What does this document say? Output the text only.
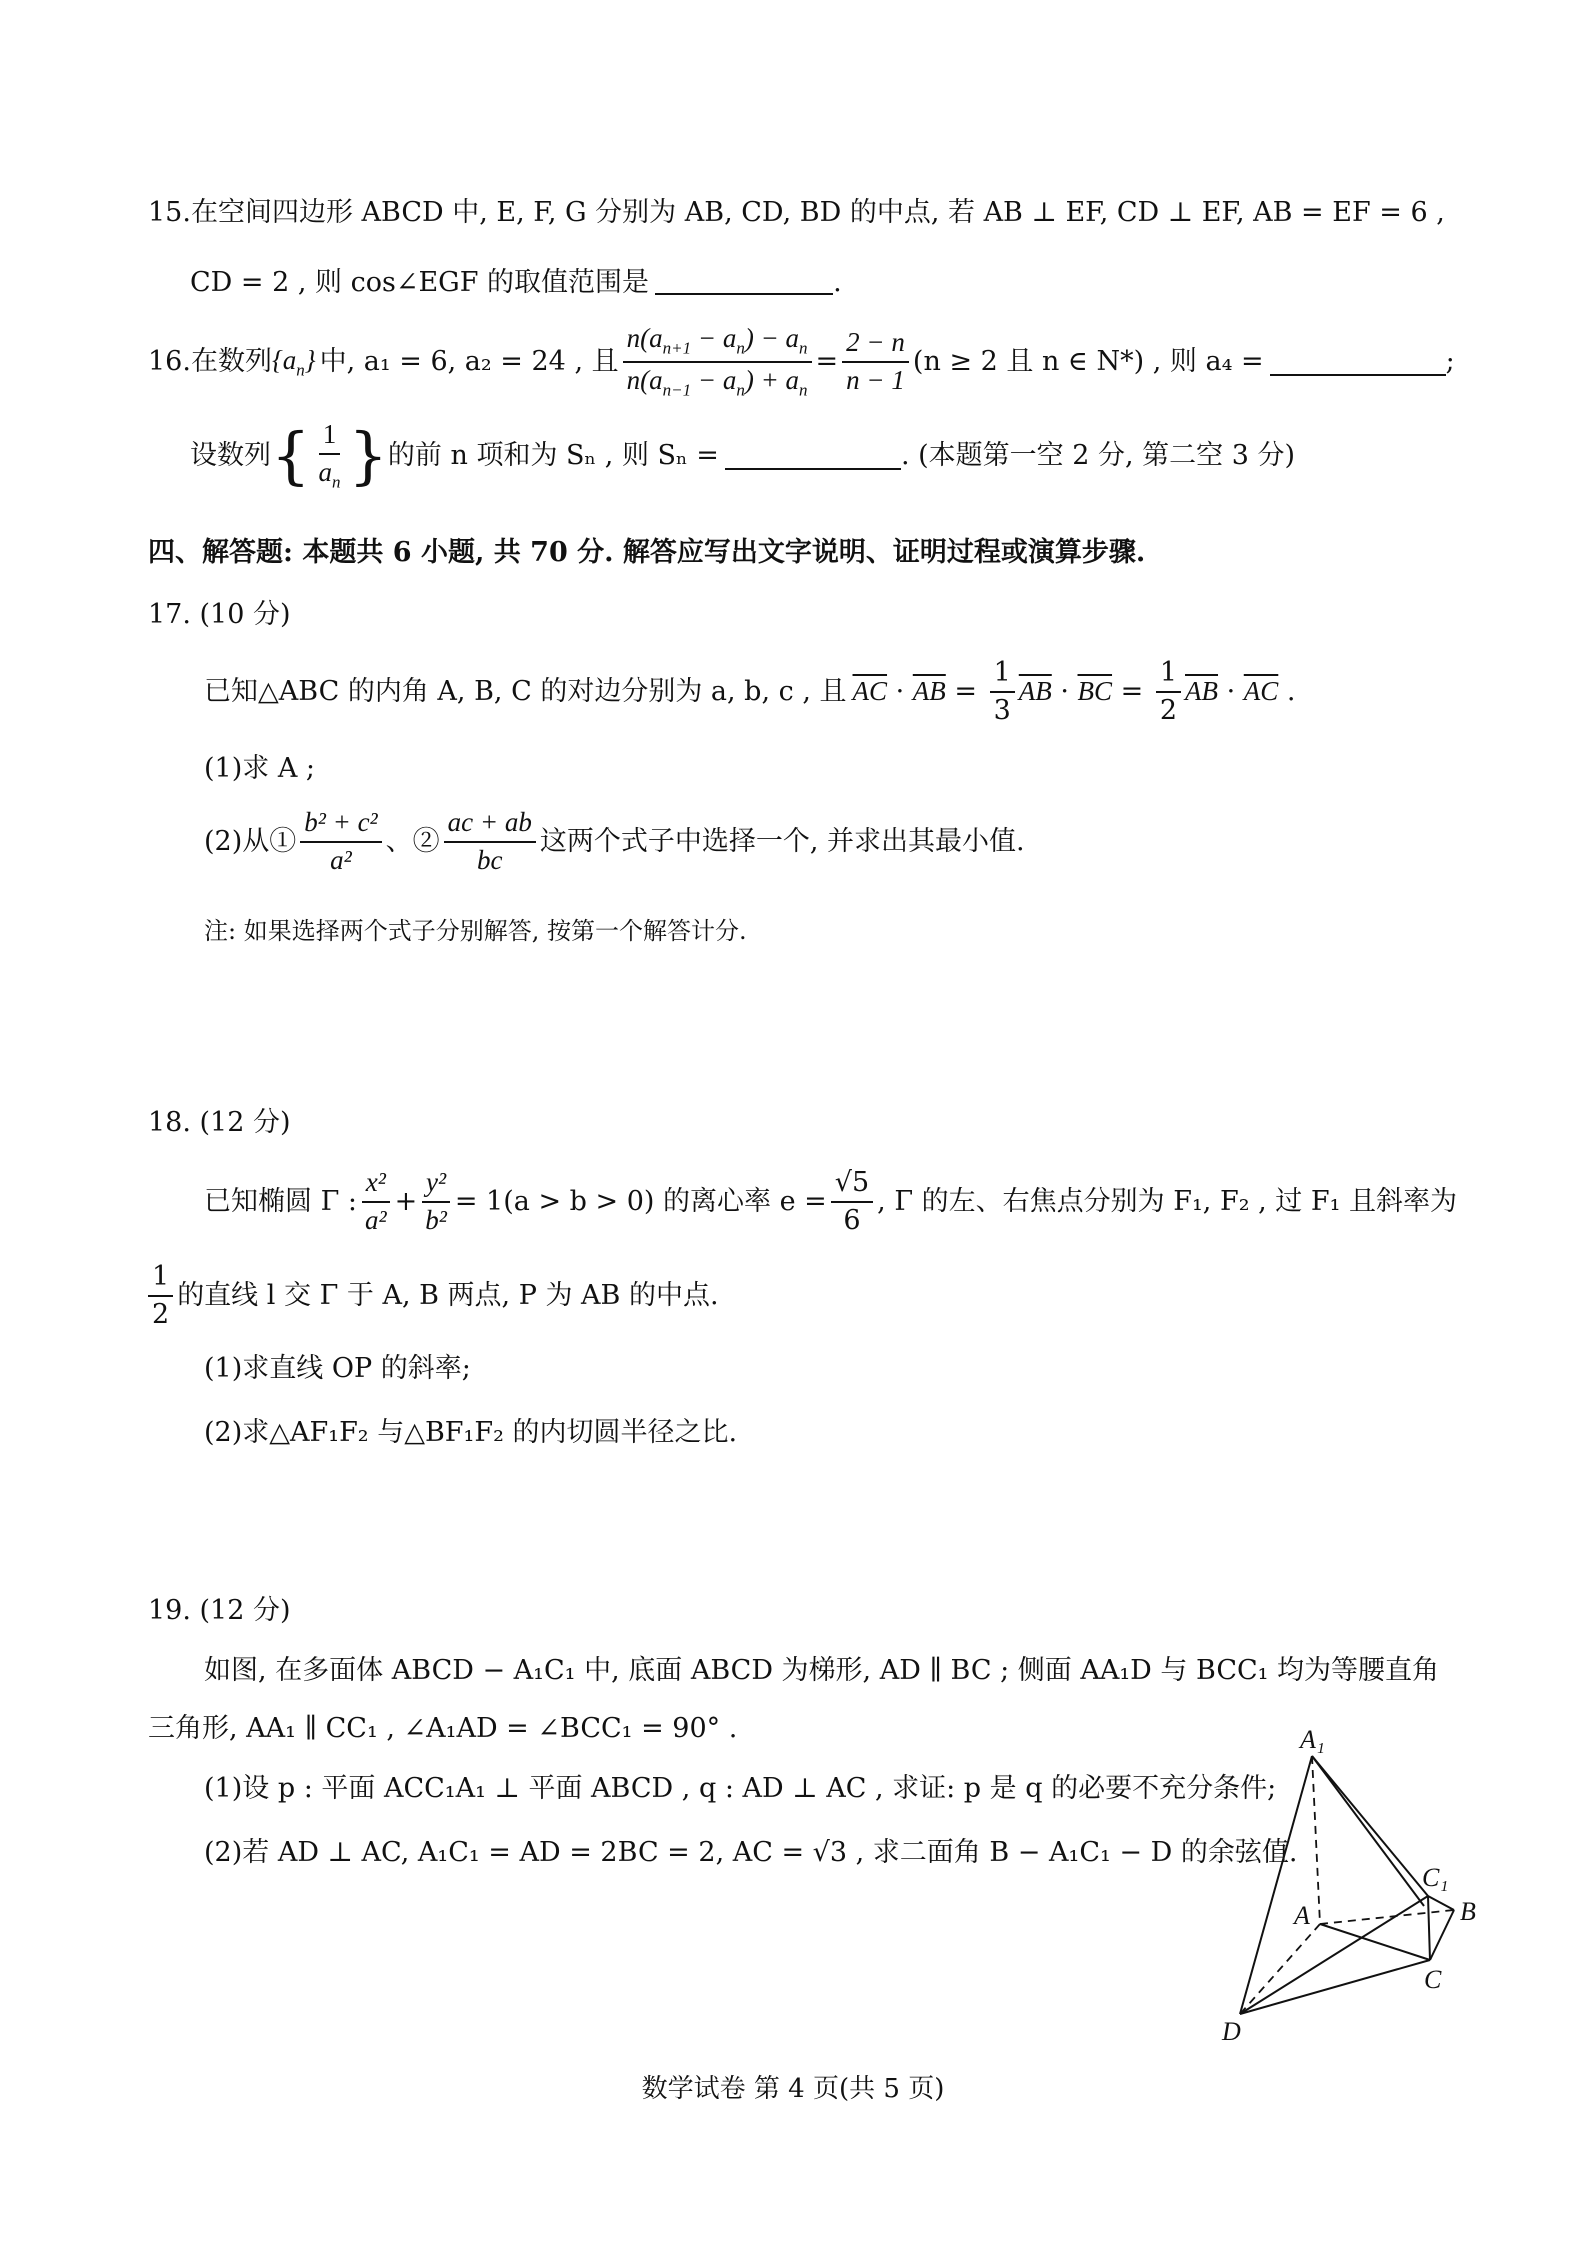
15.在空间四边形 ABCD 中, E, F, G 分别为 AB, CD, BD 的中点, 若 AB ⊥ EF, CD ⊥ EF, AB = EF = 6 ,
CD = 2 , 则 cos∠EGF 的取值范围是	.
16. 在数列 $\{a_n\}$ 中, a₁ = 6, a₂ = 24 , 且 $\frac{n(a_{n+1} - a_n) - a_n}{n(a_{n-1} - a_n) + a_n} = \frac{2 - n}{n - 1} (n \ge 2$ 且 n ∈ N*) , 则 a₄ =	;
设数列 { $\frac{1}{a_n}$ } 的前 n 项和为 Sₙ , 则 Sₙ =	. (本题第一空 2 分, 第二空 3 分)
四、解答题: 本题共 6 小题, 共 70 分. 解答应写出文字说明、证明过程或演算步骤.
17. (10 分)
已知△ABC 的内角 A, B, C 的对边分别为 a, b, c , 且 $\overline{AC} \cdot \overline{AB} = \frac{1}{3} \overline{AB} \cdot \overline{BC} = \frac{1}{2} \overline{AB} \cdot \overline{AC}$ .
(1)求 A ;
(2)从① $\frac{\text{b² + c²}}{\text{a²}}$ 、② $\frac{ac + ab}{bc}$ 这两个式子中选择一个, 并求出其最小值.
注: 如果选择两个式子分别解答, 按第一个解答计分.
18. (12 分)
已知椭圆 Γ : $\frac{\text{x²}}{\text{a²}} + \frac{\text{y²}}{\text{b²}} = 1(a > b > 0)$ 的离心率 $e = \frac{√5}{6}$ , Γ 的左、右焦点分别为 F₁, F₂ , 过 F₁ 且斜率为
$\frac{1}{2}$ 的直线 l 交 Γ 于 A, B 两点, P 为 AB 的中点.
(1)求直线 OP 的斜率;
(2)求△AF₁F₂ 与△BF₁F₂ 的内切圆半径之比.
19. (12 分)
如图, 在多面体 ABCD − A₁C₁ 中, 底面 ABCD 为梯形, AD ∥ BC ; 侧面 AA₁D 与 BCC₁ 均为等腰直角
三角形, AA₁ ∥ CC₁ , ∠A₁AD = ∠BCC₁ = 90° .
(1)设 p : 平面 ACC₁A₁ ⊥ 平面 ABCD , q : AD ⊥ AC , 求证: p 是 q 的必要不充分条件;
(2)若 AD ⊥ AC, A₁C₁ = AD = 2BC = 2, AC = √3 , 求二面角 B − A₁C₁ − D 的余弦值.
A₁
C₁
A	B
C
D
数学试卷 第 4 页(共 5 页)
